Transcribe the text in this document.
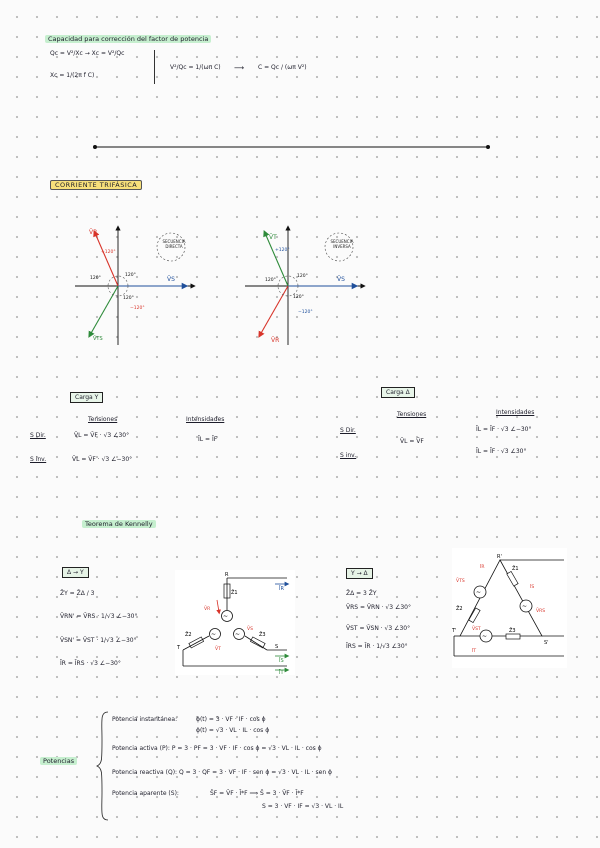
Capacidad para corrección del factor de potencia
Qc = V²/Xc → Xc = V²/Qc
Xc = 1/(2π f C)
V²/Qc = 1/(ωπ C) ⟶ C = Qc / (ωπ V²)
CORRIENTE TRIFÁSICA
V̄R
V̄S
V̄TS
+120°
120°
120°
−120°
120°
SECUENCIA DIRECTA
V̄T
V̄S
V̄R
+120°
120°
120°
−120°
120°
SECUENCIA INVERSA
Carga Y
Tensiones	Intensidades
S Dir.	V̄L = V̄F · √3 ∠30°
ĪL = ĪF
S inv.	V̄L = V̄F · √3 ∠−30°
Carga Δ
Tensiones	Intensidades
S Dir.
V̄L = V̄F
ĪL = ĪF · √3 ∠−30°
S inv.
ĪL = ĪF · √3 ∠30°
Teorema de Kennelly
Δ → Y
Z̄Y = Z̄Δ / 3
V̄RN' = V̄RS · 1/√3 ∠−30°
V̄SN' = V̄ST · 1/√3 ∠−30°
ĪR = ĪRS · √3 ∠−30°
~
~	~
R
S
T
Z̄1
Z̄2	Z̄3
ĪR
ĪS
ĪT
V̄R
V̄S
V̄T
Y → Δ
Z̄Δ = 3 Z̄Y
V̄RS = V̄RN · √3 ∠30°
V̄ST = V̄SN · √3 ∠30°
ĪRS = ĪR · 1/√3 ∠30°
~
~
~
R'
S'
T'
Z̄1
Z̄2
Z̄3
ĪR
ĪS
ĪT
V̄TS
V̄RS
V̄ST
Potencias
Potencia instantánea:	ϕ(t) = 3 · VF · IF · cos ϕ
ϕ(t) = √3 · VL · IL · cos ϕ
Potencia activa (P): P = 3 · PF = 3 · VF · IF · cos ϕ = √3 · VL · IL · cos ϕ
Potencia reactiva (Q): Q = 3 · QF = 3 · VF · IF · sen ϕ = √3 · VL · IL · sen ϕ
Potencia aparente (S):	S̄F = V̄F · Ī*F ⟹ S̄ = 3 · V̄F · Ī*F
S = 3 · VF · IF = √3 · VL · IL
